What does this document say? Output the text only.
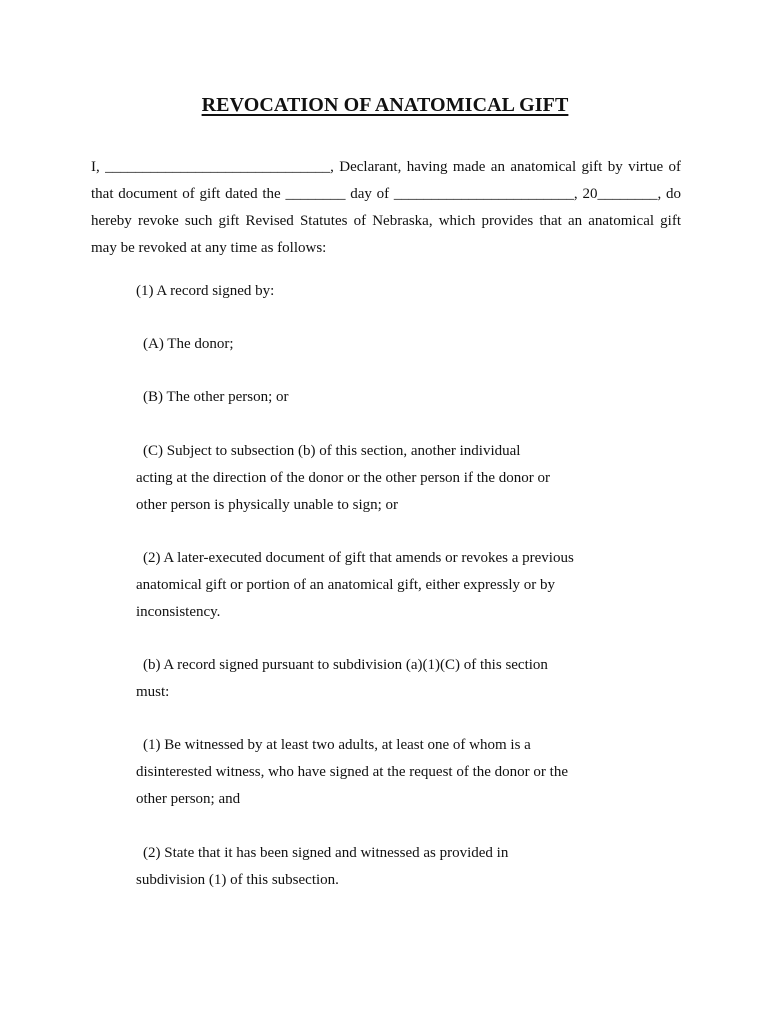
REVOCATION OF ANATOMICAL GIFT
I, ______________________________, Declarant, having made an anatomical gift by virtue of
that document of gift dated the ________ day of ________________________, 20________, do
hereby revoke such gift Revised Statutes of Nebraska, which provides that an anatomical gift
may be revoked at any time as follows:
(1) A record signed by:
(A) The donor;
(B) The other person; or
(C) Subject to subsection (b) of this section, another individual
acting at the direction of the donor or the other person if the donor or
other person is physically unable to sign; or
(2) A later-executed document of gift that amends or revokes a previous
anatomical gift or portion of an anatomical gift, either expressly or by
inconsistency.
(b) A record signed pursuant to subdivision (a)(1)(C) of this section
must:
(1) Be witnessed by at least two adults, at least one of whom is a
disinterested witness, who have signed at the request of the donor or the
other person; and
(2) State that it has been signed and witnessed as provided in
subdivision (1) of this subsection.
